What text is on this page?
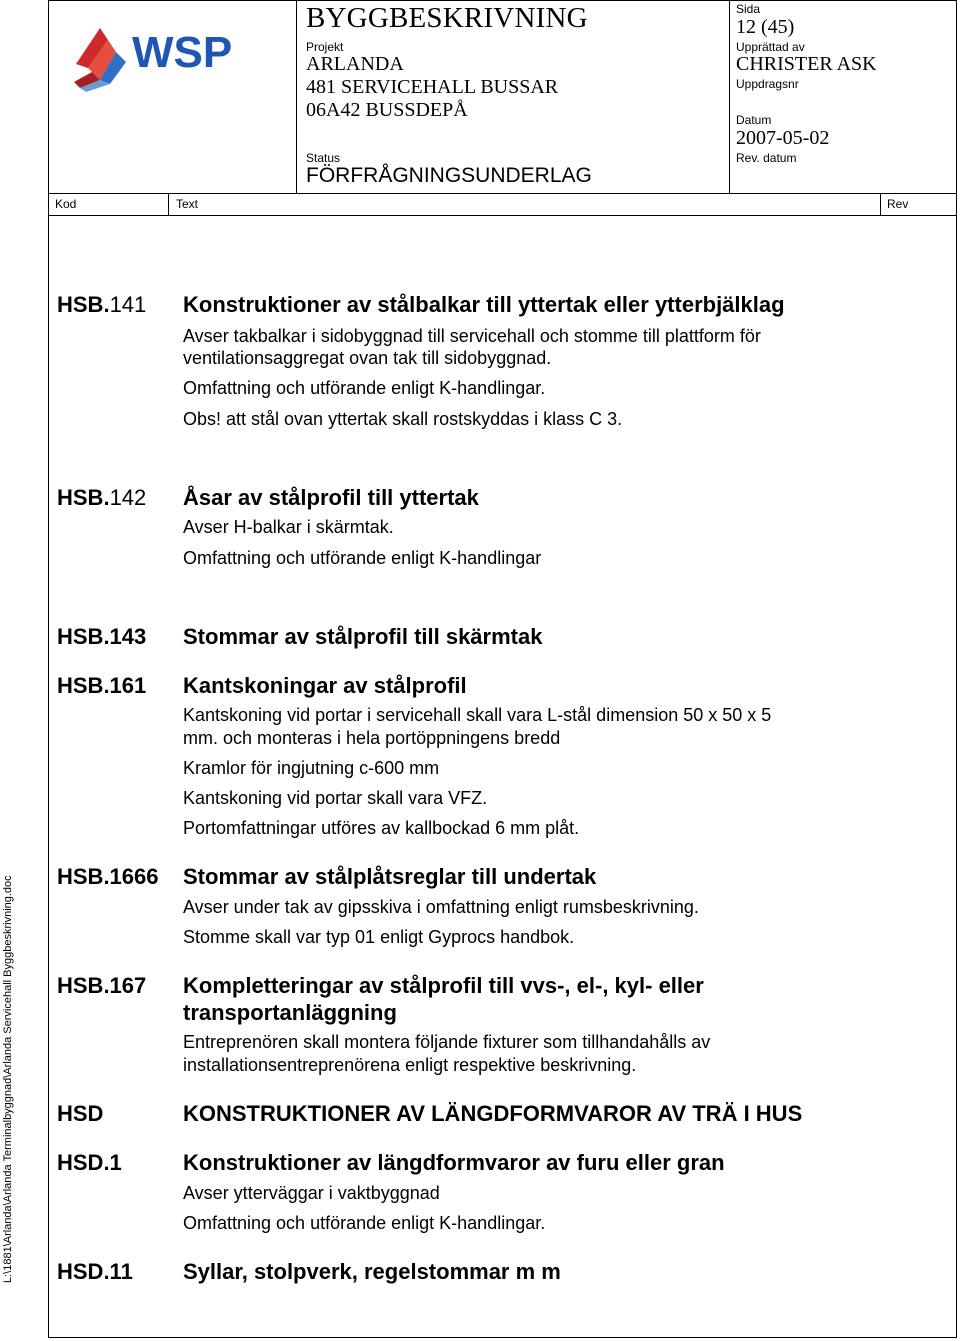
WSP
BYGGBESKRIVNING
Projekt
ARLANDA
481 SERVICEHALL BUSSAR
06A42 BUSSDEPÅ
Status
FÖRFRÅGNINGSUNDERLAG
Sida
12 (45)
Upprättad av
CHRISTER ASK
Uppdragsnr
Datum
2007-05-02
Rev. datum
Kod	Text	Rev
L:\1881\Arlanda\Arlanda Terminalbyggnad\Arlanda Servicehall Byggbeskrivning.doc
HSB.141 Konstruktioner av stålbalkar till yttertak eller ytterbjälklag
Avser takbalkar i sidobyggnad till servicehall och stomme till plattform för
ventilationsaggregat ovan tak till sidobyggnad.
Omfattning och utförande enligt K-handlingar.
Obs! att stål ovan yttertak skall rostskyddas i klass C 3.
HSB.142 Åsar av stålprofil till yttertak
Avser H-balkar i skärmtak.
Omfattning och utförande enligt K-handlingar
HSB.143 Stommar av stålprofil till skärmtak
HSB.161 Kantskoningar av stålprofil
Kantskoning vid portar i servicehall skall vara L-stål dimension 50 x 50 x 5
mm. och monteras i hela portöppningens bredd
Kramlor för ingjutning c-600 mm
Kantskoning vid portar skall vara VFZ.
Portomfattningar utföres av kallbockad 6 mm plåt.
HSB.1666 Stommar av stålplåtsreglar till undertak
Avser under tak av gipsskiva i omfattning enligt rumsbeskrivning.
Stomme skall var typ 01 enligt Gyprocs handbok.
HSB.167 Kompletteringar av stålprofil till vvs-, el-, kyl- eller
transportanläggning
Entreprenören skall montera följande fixturer som tillhandahålls av
installationsentreprenörena enligt respektive beskrivning.
HSD	KONSTRUKTIONER AV LÄNGDFORMVAROR AV TRÄ I HUS
HSD.1	Konstruktioner av längdformvaror av furu eller gran
Avser ytterväggar i vaktbyggnad
Omfattning och utförande enligt K-handlingar.
HSD.11 Syllar, stolpverk, regelstommar m m
